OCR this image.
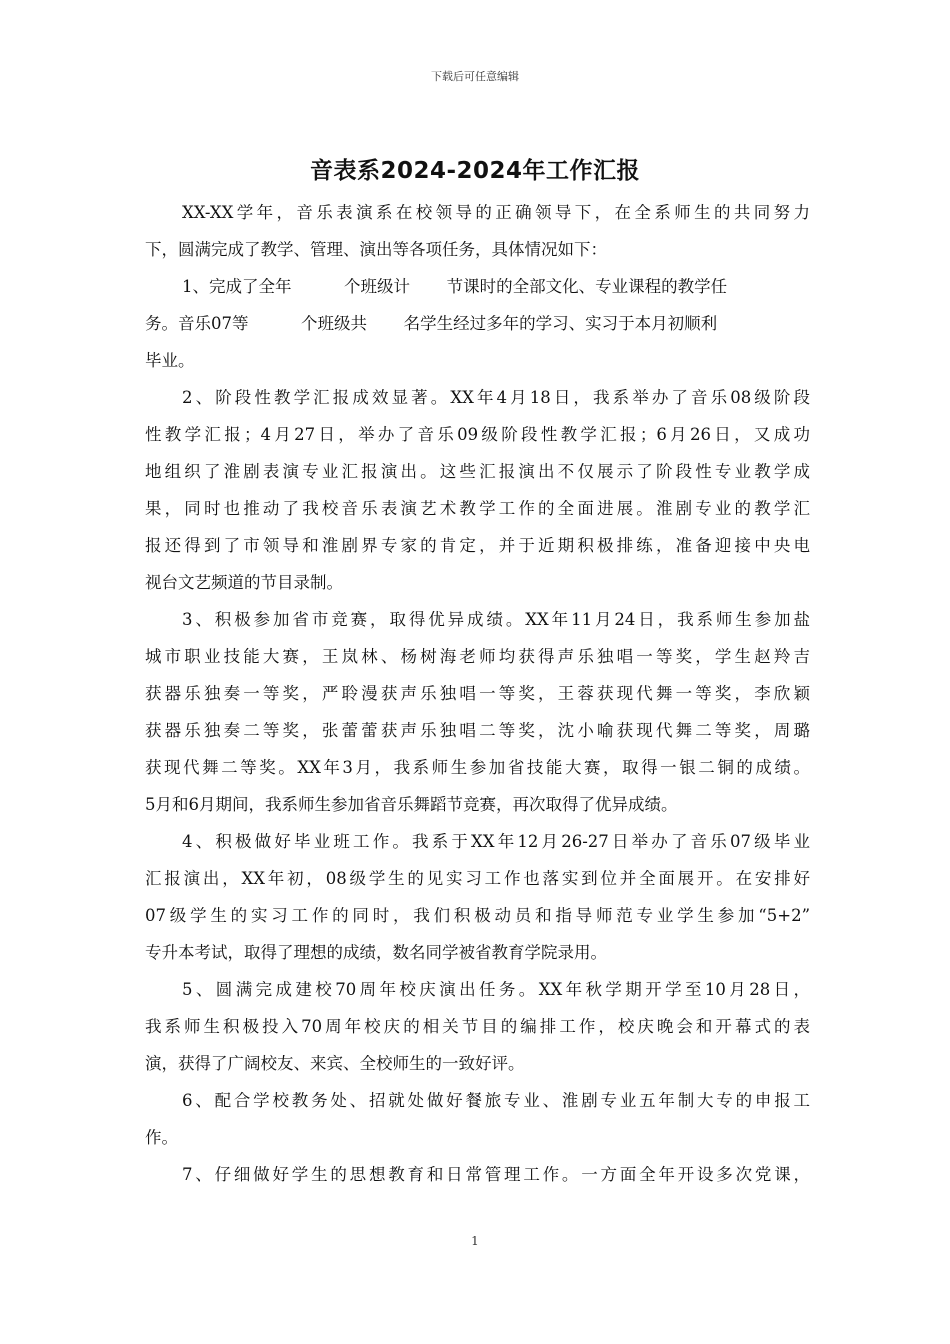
下载后可任意编辑
音表系2024-2024年工作汇报
XX-XX学年，音乐表演系在校领导的正确领导下，在全系师生的共同努力
下，圆满完成了教学、管理、演出等各项任务，具体情况如下：
1、完成了全年	个班级计 节课时的全部文化、专业课程的教学任
务。音乐07等	个班级共 名学生经过多年的学习、实习于本月初顺利
毕业。
2、阶段性教学汇报成效显著。XX年4月18日，我系举办了音乐08级阶段
性教学汇报；4月27日，举办了音乐09级阶段性教学汇报；6月26日，又成功
地组织了淮剧表演专业汇报演出。这些汇报演出不仅展示了阶段性专业教学成
果，同时也推动了我校音乐表演艺术教学工作的全面进展。淮剧专业的教学汇
报还得到了市领导和淮剧界专家的肯定，并于近期积极排练，准备迎接中央电
视台文艺频道的节目录制。
3、积极参加省市竞赛，取得优异成绩。XX年11月24日，我系师生参加盐
城市职业技能大赛，王岚林、杨树海老师均获得声乐独唱一等奖，学生赵羚吉
获器乐独奏一等奖，严聆漫获声乐独唱一等奖，王蓉获现代舞一等奖，李欣颖
获器乐独奏二等奖，张蕾蕾获声乐独唱二等奖，沈小喻获现代舞二等奖，周璐
获现代舞二等奖。XX年3月，我系师生参加省技能大赛，取得一银二铜的成绩。
5月和6月期间，我系师生参加省音乐舞蹈节竞赛，再次取得了优异成绩。
4、积极做好毕业班工作。我系于XX年12月26-27日举办了音乐07级毕业
汇报演出，XX年初，08级学生的见实习工作也落实到位并全面展开。在安排好
07级学生的实习工作的同时，我们积极动员和指导师范专业学生参加“5+2”
专升本考试，取得了理想的成绩，数名同学被省教育学院录用。
5、圆满完成建校70周年校庆演出任务。XX年秋学期开学至10月28日，
我系师生积极投入70周年校庆的相关节目的编排工作，校庆晚会和开幕式的表
演，获得了广阔校友、来宾、全校师生的一致好评。
6、配合学校教务处、招就处做好餐旅专业、淮剧专业五年制大专的申报工
作。
7、仔细做好学生的思想教育和日常管理工作。一方面全年开设多次党课，
1
